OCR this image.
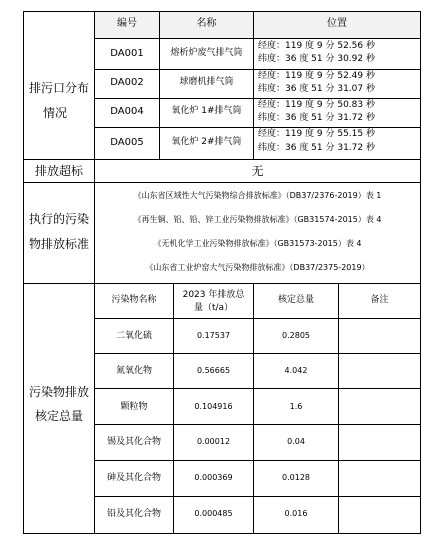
排污口分布
情况
编号	名称	位置
DA001	熔析炉废气排气筒
经度：119 度 9 分 52.56 秒
纬度：36 度 51 分 30.92 秒
DA002	球磨机排气筒
经度：119 度 9 分 52.49 秒
纬度：36 度 51 分 31.07 秒
DA004	氧化炉 1#排气筒
经度：119 度 9 分 50.83 秒
纬度：36 度 51 分 31.72 秒
DA005	氧化炉 2#排气筒
经度：119 度 9 分 55.15 秒
纬度：36 度 51 分 31.72 秒
排放超标	无
执行的污染
物排放标准
《山东省区域性大气污染物综合排放标准》（DB37/2376-2019）表 1
《再生铜、铝、铅、锌工业污染物排放标准》（GB31574-2015）表 4
《无机化学工业污染物排放标准》（GB31573-2015）表 4
《山东省工业炉窑大气污染物排放标准》（DB37/2375-2019）
污染物排放
核定总量
污染物名称	2023 年排放总
量（t/a）
核定总量	备注
二氧化硫	0.17537	0.2805
氮氧化物	0.56665	4.042
颗粒物	0.104916	1.6
锡及其化合物	0.00012	0.04
砷及其化合物	0.000369	0.0128
铅及其化合物	0.000485	0.016
